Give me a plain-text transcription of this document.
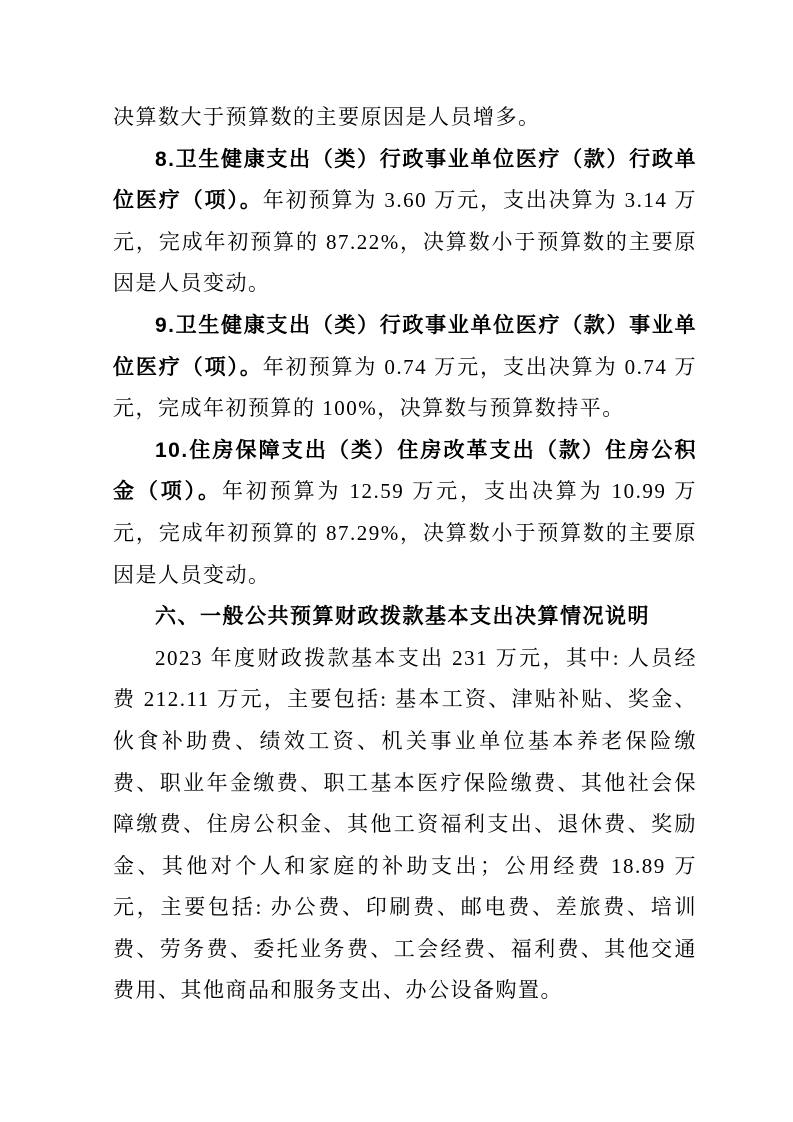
决算数大于预算数的主要原因是人员增多。

8.卫生健康支出（类）行政事业单位医疗（款）行政单位医疗（项）。年初预算为 3.60 万元，支出决算为 3.14 万元，完成年初预算的 87.22%，决算数小于预算数的主要原因是人员变动。

9.卫生健康支出（类）行政事业单位医疗（款）事业单位医疗（项）。年初预算为 0.74 万元，支出决算为 0.74 万元，完成年初预算的 100%，决算数与预算数持平。

10.住房保障支出（类）住房改革支出（款）住房公积金（项）。年初预算为 12.59 万元，支出决算为 10.99 万元，完成年初预算的 87.29%，决算数小于预算数的主要原因是人员变动。

六、一般公共预算财政拨款基本支出决算情况说明

2023 年度财政拨款基本支出 231 万元，其中: 人员经费 212.11 万元，主要包括: 基本工资、津贴补贴、奖金、伙食补助费、绩效工资、机关事业单位基本养老保险缴费、职业年金缴费、职工基本医疗保险缴费、其他社会保障缴费、住房公积金、其他工资福利支出、退休费、奖励金、其他对个人和家庭的补助支出；公用经费 18.89 万元，主要包括: 办公费、印刷费、邮电费、差旅费、培训费、劳务费、委托业务费、工会经费、福利费、其他交通费用、其他商品和服务支出、办公设备购置。
